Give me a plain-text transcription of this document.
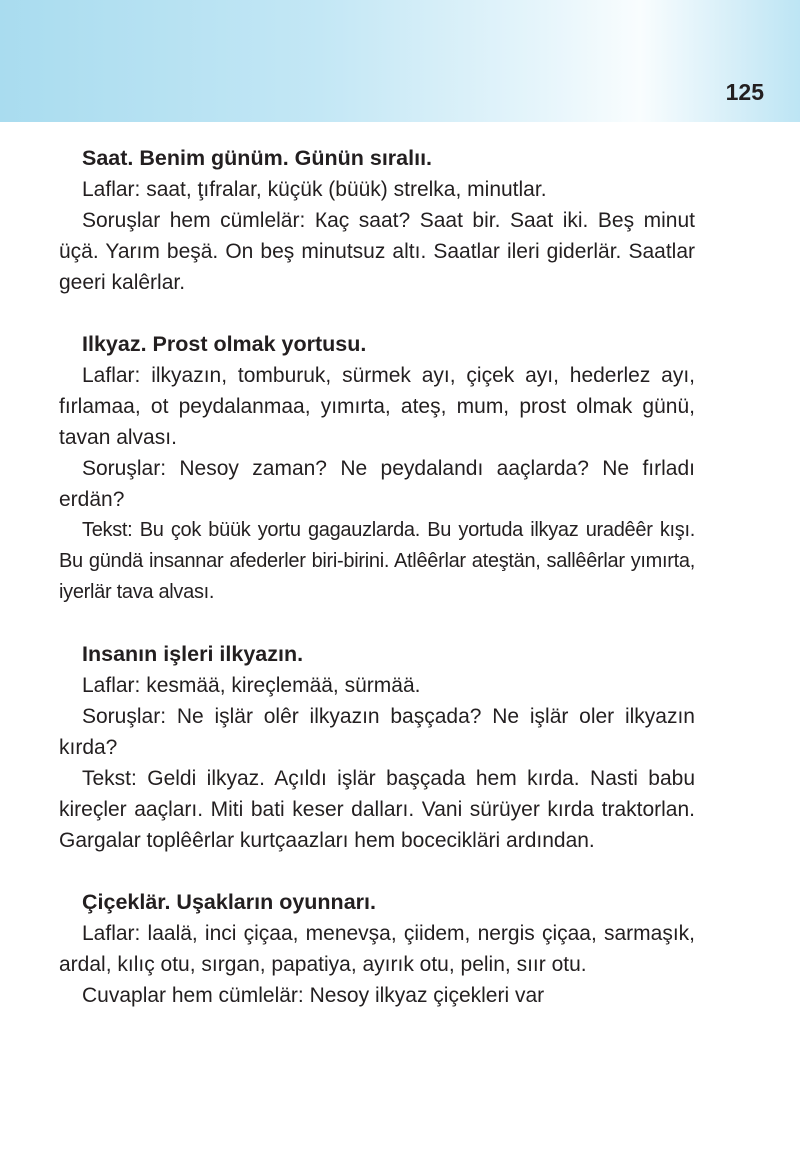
125

Saat. Benim günüm. Günün sıralıı.

Laflar: saat, ţıfralar, küçük (büük) strelka, minutlar.

Soruşlar hem cümlelär: Кaç saat? Saat bir. Saat iki. Beş minut üçä. Yarım beşä. On beş minutsuz altı. Saatlar ileri giderlär. Saatlar geeri kalêrlar.

Ilkyaz. Prost olmak yortusu.

Laflar: ilkyazın, tomburuk, sürmek ayı, çiçek ayı, hederlez ayı, fırlamaa, ot peydalanmaa, yımırta, ateş, mum, prost olmak günü, tavan alvası.

Soruşlar: Nesoy zaman? Ne peydalandı aaçlarda? Ne fırladı erdän?

Tekst: Bu çok büük yortu gagauzlarda. Bu yortuda ilkyaz uradêêr kışı. Bu gündä insannar afederler biri-birini. Atlêêrlar ateştän, sallêêrlar yımırta, iyerlär tava alvası.

Insanın işleri ilkyazın.

Laflar: kesmää, kireçlemää, sürmää.

Soruşlar: Ne işlär olêr ilkyazın başçada? Ne işlär oler ilkyazın kırda?

Tekst: Geldi ilkyaz. Açıldı işlär başçada hem kırda. Nasti babu kireçler aaçları. Miti bati keser dalları. Vani sürüyer kırda traktorlan. Gargalar toplêêrlar kurtçaazları hem bocecikläri ardından.

Çiçeklär. Uşakların oyunnarı.

Laflar: laalä, inci çiçaa, menevşa, çiidem, nergis çiçaa, sarmaşık, ardal, kılıç otu, sırgan, papatiya, ayırık otu, pelin, sıır otu.

Cuvaplar hem cümlelär: Nesoy ilkyaz çiçekleri var
